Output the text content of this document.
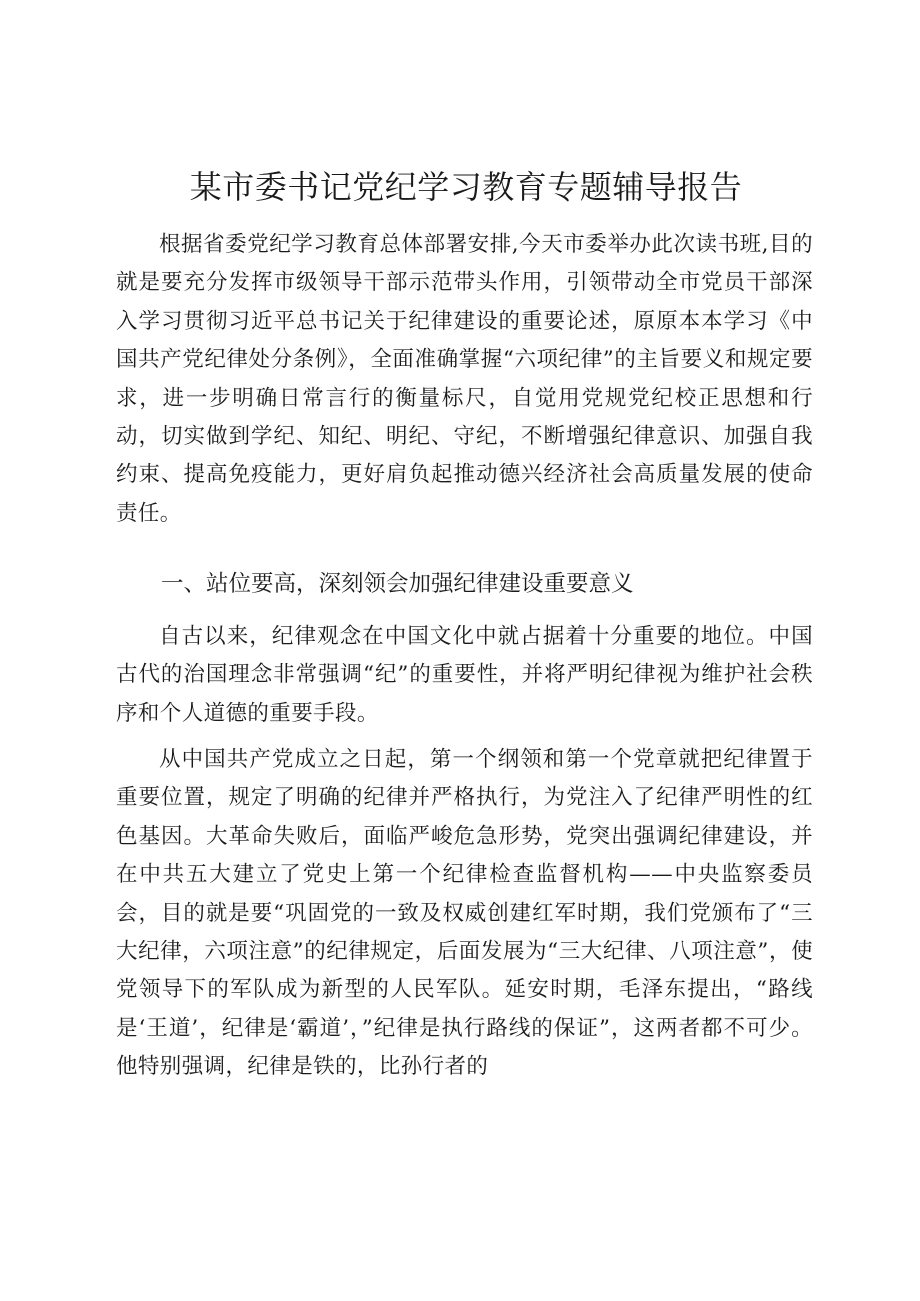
某市委书记党纪学习教育专题辅导报告

根据省委党纪学习教育总体部署安排,今天市委举办此次读书班,目的就是要充分发挥市级领导干部示范带头作用，引领带动全市党员干部深入学习贯彻习近平总书记关于纪律建设的重要论述，原原本本学习《中国共产党纪律处分条例》，全面准确掌握“六项纪律”的主旨要义和规定要求，进一步明确日常言行的衡量标尺，自觉用党规党纪校正思想和行动，切实做到学纪、知纪、明纪、守纪，不断增强纪律意识、加强自我约束、提高免疫能力，更好肩负起推动德兴经济社会高质量发展的使命责任。

一、站位要高，深刻领会加强纪律建设重要意义

自古以来，纪律观念在中国文化中就占据着十分重要的地位。中国古代的治国理念非常强调“纪”的重要性，并将严明纪律视为维护社会秩序和个人道德的重要手段。

从中国共产党成立之日起，第一个纲领和第一个党章就把纪律置于重要位置，规定了明确的纪律并严格执行，为党注入了纪律严明性的红色基因。大革命失败后，面临严峻危急形势，党突出强调纪律建设，并在中共五大建立了党史上第一个纪律检查监督机构——中央监察委员会，目的就是要“巩固党的一致及权威创建红军时期，我们党颁布了“三大纪律，六项注意”的纪律规定，后面发展为“三大纪律、八项注意”，使党领导下的军队成为新型的人民军队。延安时期，毛泽东提出，“路线是‘王道’，纪律是‘霸道’，”纪律是执行路线的保证”，这两者都不可少。他特别强调，纪律是铁的，比孙行者的
